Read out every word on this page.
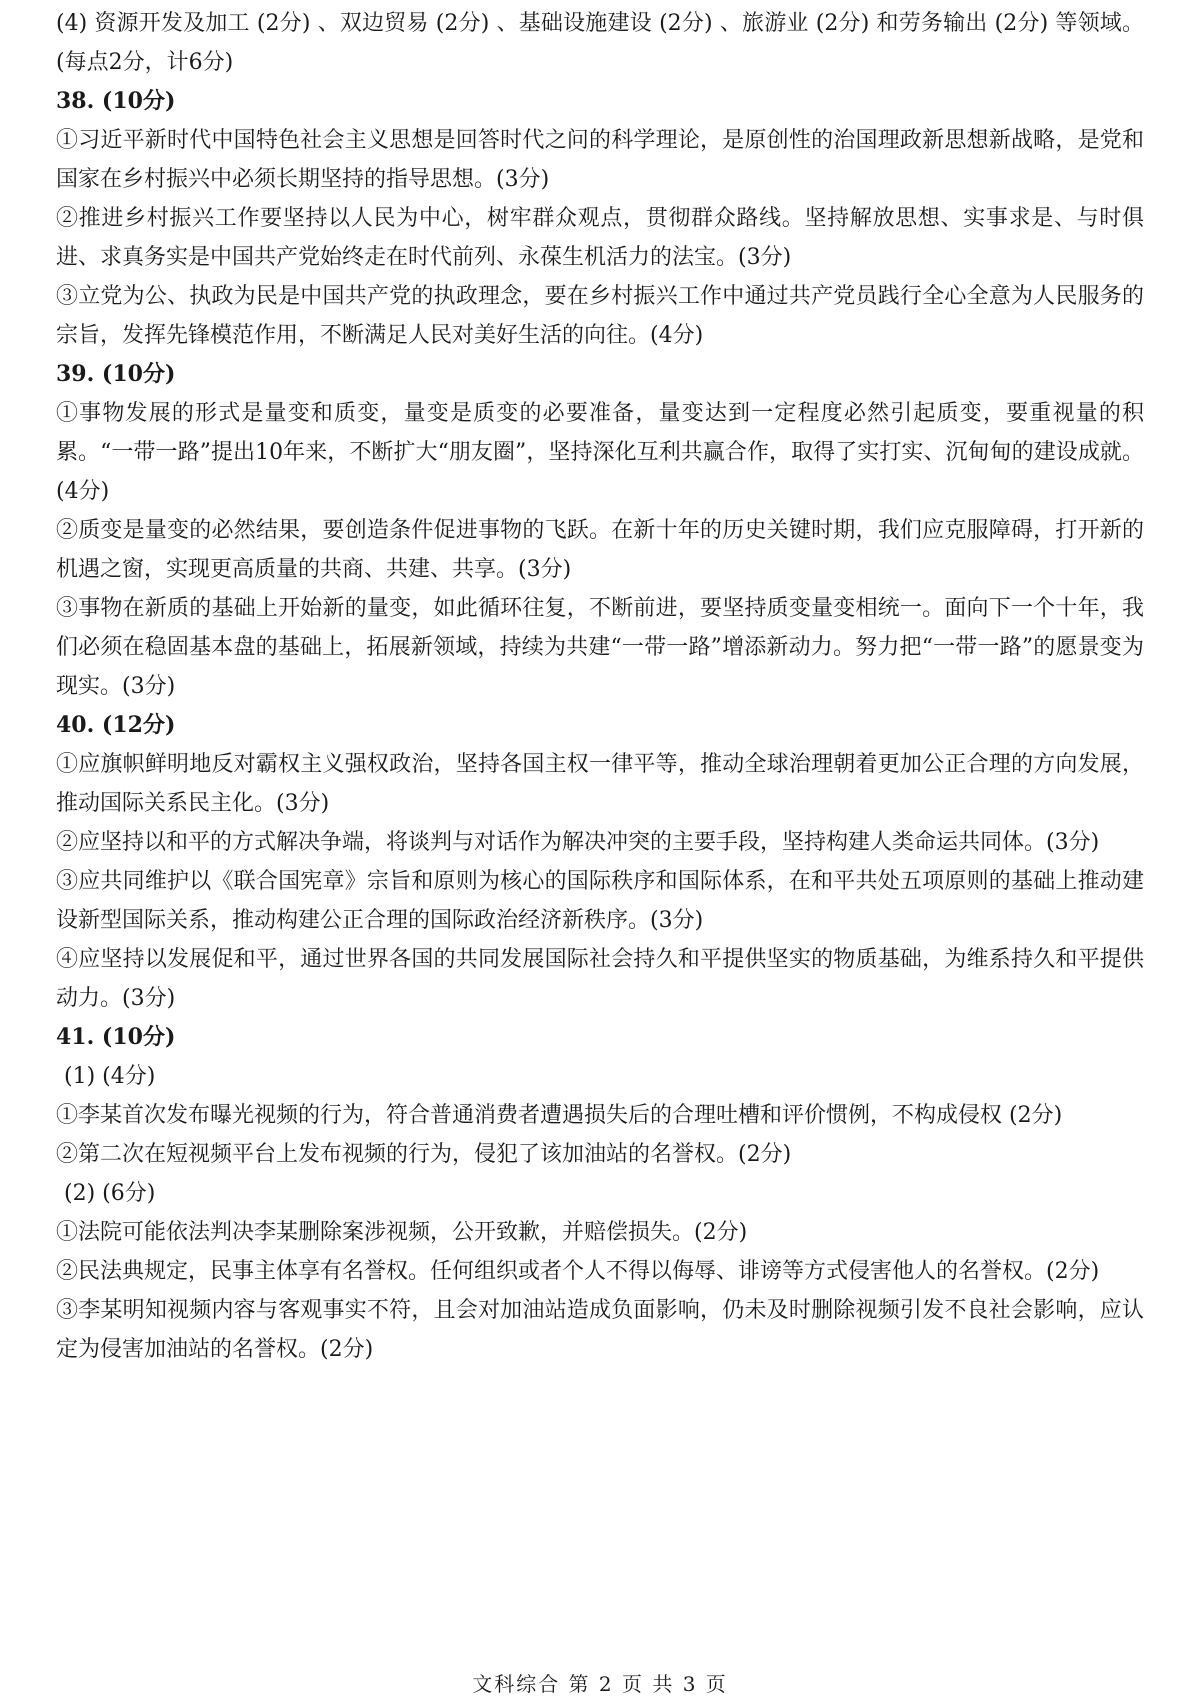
(4) 资源开发及加工 (2分) 、双边贸易 (2分) 、基础设施建设 (2分) 、旅游业 (2分) 和劳务输出 (2分) 等领域。 (每点2分，计6分)

38. (10分)

①习近平新时代中国特色社会主义思想是回答时代之问的科学理论，是原创性的治国理政新思想新战略，是党和国家在乡村振兴中必须长期坚持的指导思想。(3分)

②推进乡村振兴工作要坚持以人民为中心，树牢群众观点，贯彻群众路线。坚持解放思想、实事求是、与时俱进、求真务实是中国共产党始终走在时代前列、永葆生机活力的法宝。(3分)

③立党为公、执政为民是中国共产党的执政理念，要在乡村振兴工作中通过共产党员践行全心全意为人民服务的宗旨，发挥先锋模范作用，不断满足人民对美好生活的向往。(4分)

39. (10分)

①事物发展的形式是量变和质变，量变是质变的必要准备，量变达到一定程度必然引起质变，要重视量的积累。“一带一路”提出10年来，不断扩大“朋友圈”，坚持深化互利共赢合作，取得了实打实、沉甸甸的建设成就。(4分)

②质变是量变的必然结果，要创造条件促进事物的飞跃。在新十年的历史关键时期，我们应克服障碍，打开新的机遇之窗，实现更高质量的共商、共建、共享。(3分)

③事物在新质的基础上开始新的量变，如此循环往复，不断前进，要坚持质变量变相统一。面向下一个十年，我们必须在稳固基本盘的基础上，拓展新领域，持续为共建“一带一路”增添新动力。努力把“一带一路”的愿景变为现实。(3分)

40. (12分)

①应旗帜鲜明地反对霸权主义强权政治，坚持各国主权一律平等，推动全球治理朝着更加公正合理的方向发展，推动国际关系民主化。(3分)

②应坚持以和平的方式解决争端，将谈判与对话作为解决冲突的主要手段，坚持构建人类命运共同体。(3分)

③应共同维护以《联合国宪章》宗旨和原则为核心的国际秩序和国际体系，在和平共处五项原则的基础上推动建设新型国际关系，推动构建公正合理的国际政治经济新秩序。(3分)

④应坚持以发展促和平，通过世界各国的共同发展国际社会持久和平提供坚实的物质基础，为维系持久和平提供动力。(3分)

41. (10分)

(1) (4分)

①李某首次发布曝光视频的行为，符合普通消费者遭遇损失后的合理吐槽和评价惯例，不构成侵权 (2分)

②第二次在短视频平台上发布视频的行为，侵犯了该加油站的名誉权。(2分)

(2) (6分)

①法院可能依法判决李某删除案涉视频，公开致歉，并赔偿损失。(2分)

②民法典规定，民事主体享有名誉权。任何组织或者个人不得以侮辱、诽谤等方式侵害他人的名誉权。(2分)

③李某明知视频内容与客观事实不符，且会对加油站造成负面影响，仍未及时删除视频引发不良社会影响，应认定为侵害加油站的名誉权。(2分)

文科综合 第 2 页 共 3 页
